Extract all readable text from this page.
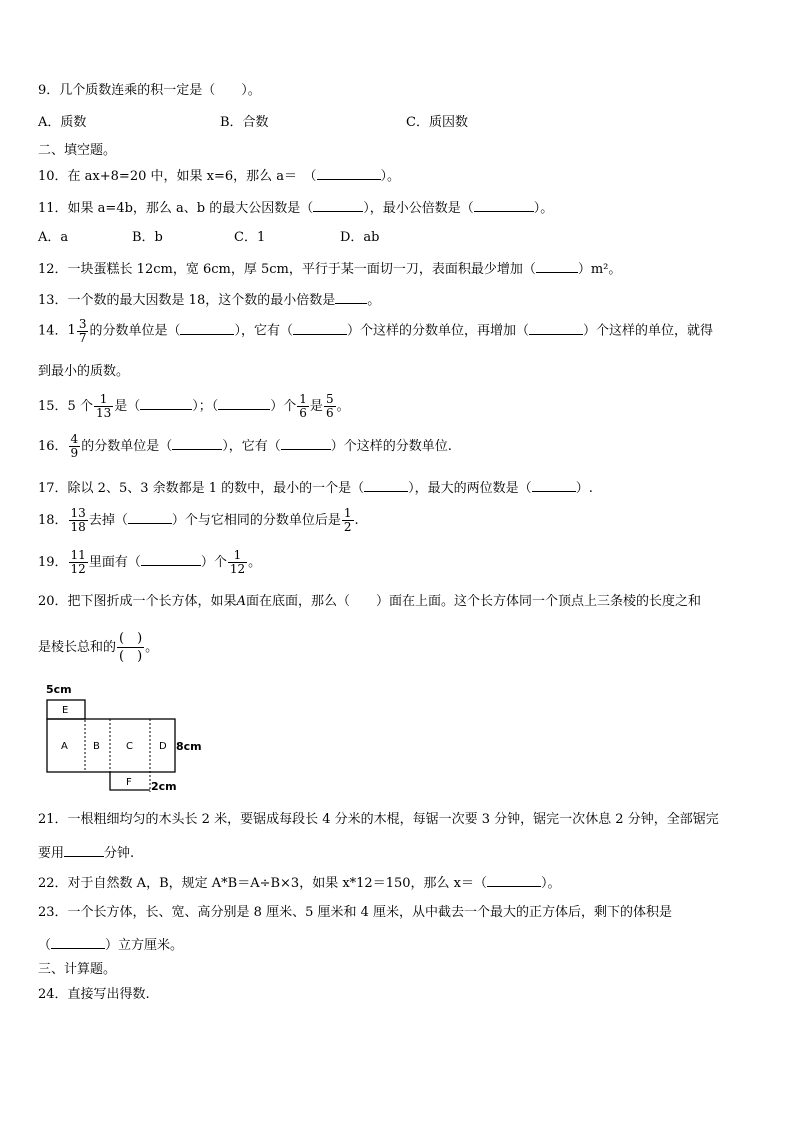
9．几个质数连乘的积一定是（　　）。
A．质数	B．合数	C．质因数
二、填空题。
10．在 ax+8=20 中，如果 x=6，那么 a＝　（	）。
11．如果 a=4b，那么 a、b 的最大公因数是（	），最小公倍数是（	）。
A．a	B．b	C．1	D．ab
12．一块蛋糕长 12cm，宽 6cm，厚 5cm，平行于某一面切一刀，表面积最少增加（	）m²。
13．一个数的最大因数是 18，这个数的最小倍数是 。
14．$1 \frac{3}{7}$ 的分数单位是（	），它有（	）个这样的分数单位，再增加（	）个这样的单位，就得
到最小的质数。
15．5 个 $\frac{1}{13}$ 是（	）；（	）个 $\frac{1}{6}$ 是 $\frac{5}{6}$ 。
16． $\frac{4}{9}$ 的分数单位是（	），它有（	）个这样的分数单位.
17．除以 2、5、3 余数都是 1 的数中，最小的一个是（	），最大的两位数是（	）.
18． $\frac{13}{18}$ 去掉（	）个与它相同的分数单位后是 $\frac{1}{2}$ .
19． $\frac{11}{12}$ 里面有（	）个 $\frac{1}{12}$ 。
20．把下图折成一个长方体，如果A面在底面，那么（　　）面在上面。这个长方体同一个顶点上三条棱的长度之和
是棱长总和的 $\frac{( )}{( )}$ 。
5cm
E
A	B	C	D
F
8cm
2cm
21．一根粗细均匀的木头长 2 米，要锯成每段长 4 分米的木棍，每锯一次要 3 分钟，锯完一次休息 2 分钟，全部锯完
要用	分钟.
22．对于自然数 A，B，规定 A*B＝A÷B×3，如果 x*12＝150，那么 x＝（	）。
23．一个长方体，长、宽、高分别是 8 厘米、5 厘米和 4 厘米，从中截去一个最大的正方体后，剩下的体积是
（	）立方厘米。
三、计算题。
24．直接写出得数.
